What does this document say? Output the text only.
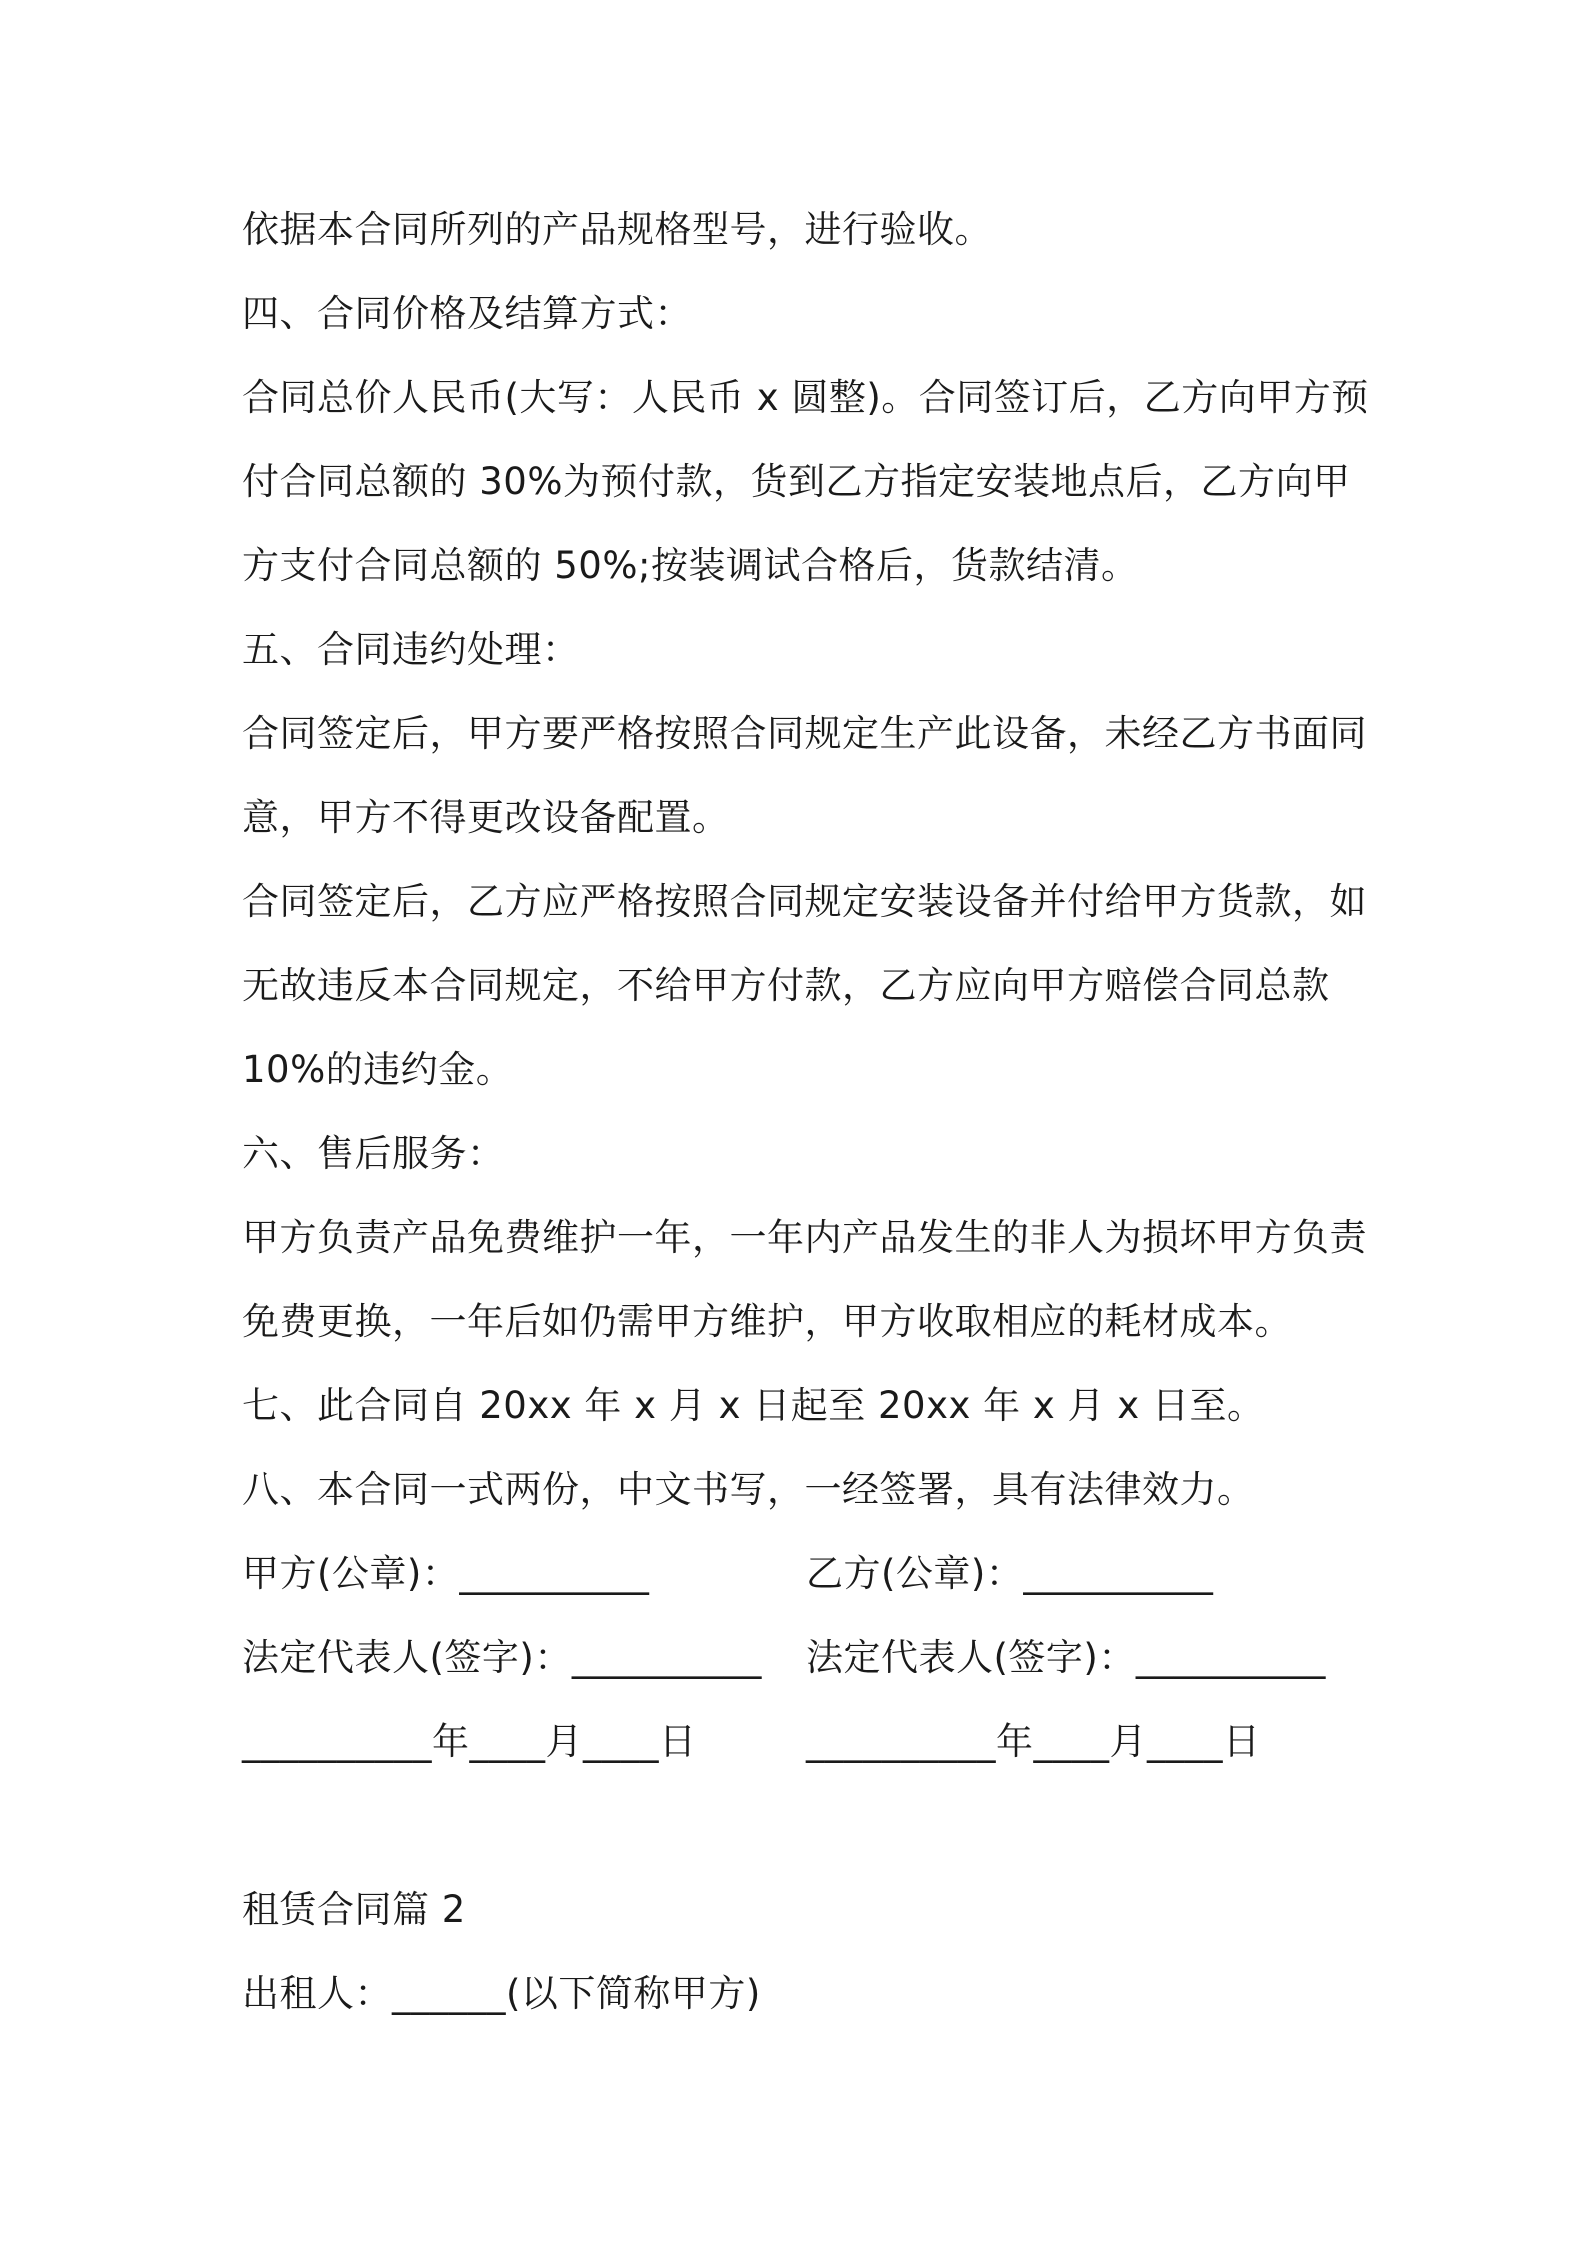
依据本合同所列的产品规格型号，进行验收。
四、合同价格及结算方式：
合同总价人民币(大写：人民币 x 圆整)。合同签订后，乙方向甲方预
付合同总额的 30%为预付款，货到乙方指定安装地点后，乙方向甲
方支付合同总额的 50%;按装调试合格后，货款结清。
五、合同违约处理：
合同签定后，甲方要严格按照合同规定生产此设备，未经乙方书面同
意，甲方不得更改设备配置。
合同签定后，乙方应严格按照合同规定安装设备并付给甲方货款，如
无故违反本合同规定，不给甲方付款，乙方应向甲方赔偿合同总款
10%的违约金。
六、售后服务：
甲方负责产品免费维护一年，一年内产品发生的非人为损坏甲方负责
免费更换，一年后如仍需甲方维护，甲方收取相应的耗材成本。
七、此合同自 20xx 年 x 月 x 日起至 20xx 年 x 月 x 日至。
八、本合同一式两份，中文书写，一经签署，具有法律效力。
甲方(公章)：__________	乙方(公章)：__________
法定代表人(签字)：__________ 法定代表人(签字)：__________
__________年____月____日	__________年____月____日
租赁合同篇 2
出租人：______(以下简称甲方)
